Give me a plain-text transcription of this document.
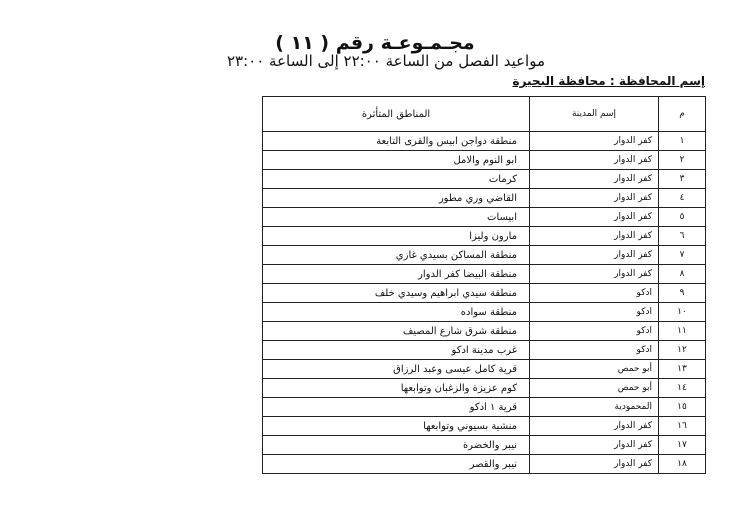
مجـمـوعـة رقم ( ١١ )
مواعيد الفصل من الساعة ٢٢:٠٠ إلى الساعة ٢٣:٠٠
إسم المحافظة : محافظة البحيرة
م	إسم المدينة	المناطق المتأثرة
١	كفر الدوار	منطقة دواجن ابيس والقرى التابعة
٢	كفر الدوار	ابو النوم والامل
٣	كفر الدوار	كرمات
٤	كفر الدوار	القاضي وري مطور
٥	كفر الدوار	ابيسات
٦	كفر الدوار	مارون وليزا
٧	كفر الدوار	منطقة المساكن بسيدي غازي
٨	كفر الدوار	منطقة البيضا كفر الدوار
٩	ادكو	منطقة سيدي ابراهيم وسيدي خلف
١٠	ادكو	منطقة سواده
١١	ادكو	منطقة شرق شارع المصيف
١٢	ادكو	غرب مدينة ادكو
١٣	أبو حمص	قرية كامل عيسى وعبد الرزاق
١٤	أبو حمص	كوم عزيزة والزغبان وتوابعها
١٥	المحمودية	قرية ١ ادكو
١٦	كفر الدوار	منشية بسيوني وتوابعها
١٧	كفر الدوار	نيبر والخضرة
١٨	كفر الدوار	نيبر والقصر
